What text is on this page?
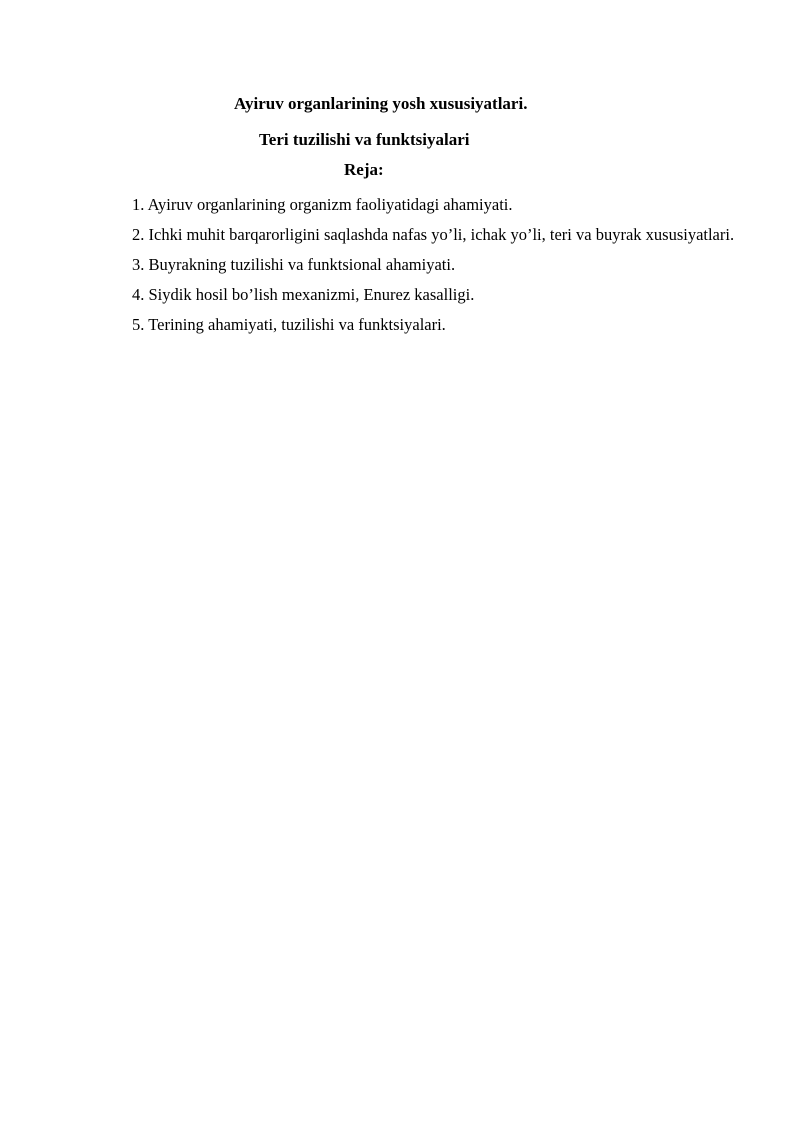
Ayiruv organlarining yosh xususiyatlari.
Teri tuzilishi va funktsiyalari
Reja:

1. Ayiruv organlarining organizm faoliyatidagi ahamiyati.

2. Ichki muhit barqarorligini saqlashda nafas yo’li, ichak yo’li, teri va buyrak xususiyatlari.

3. Buyrakning tuzilishi va funktsional ahamiyati.

4. Siydik hosil bo’lish mexanizmi, Enurez kasalligi.

5. Terining ahamiyati, tuzilishi va funktsiyalari.
